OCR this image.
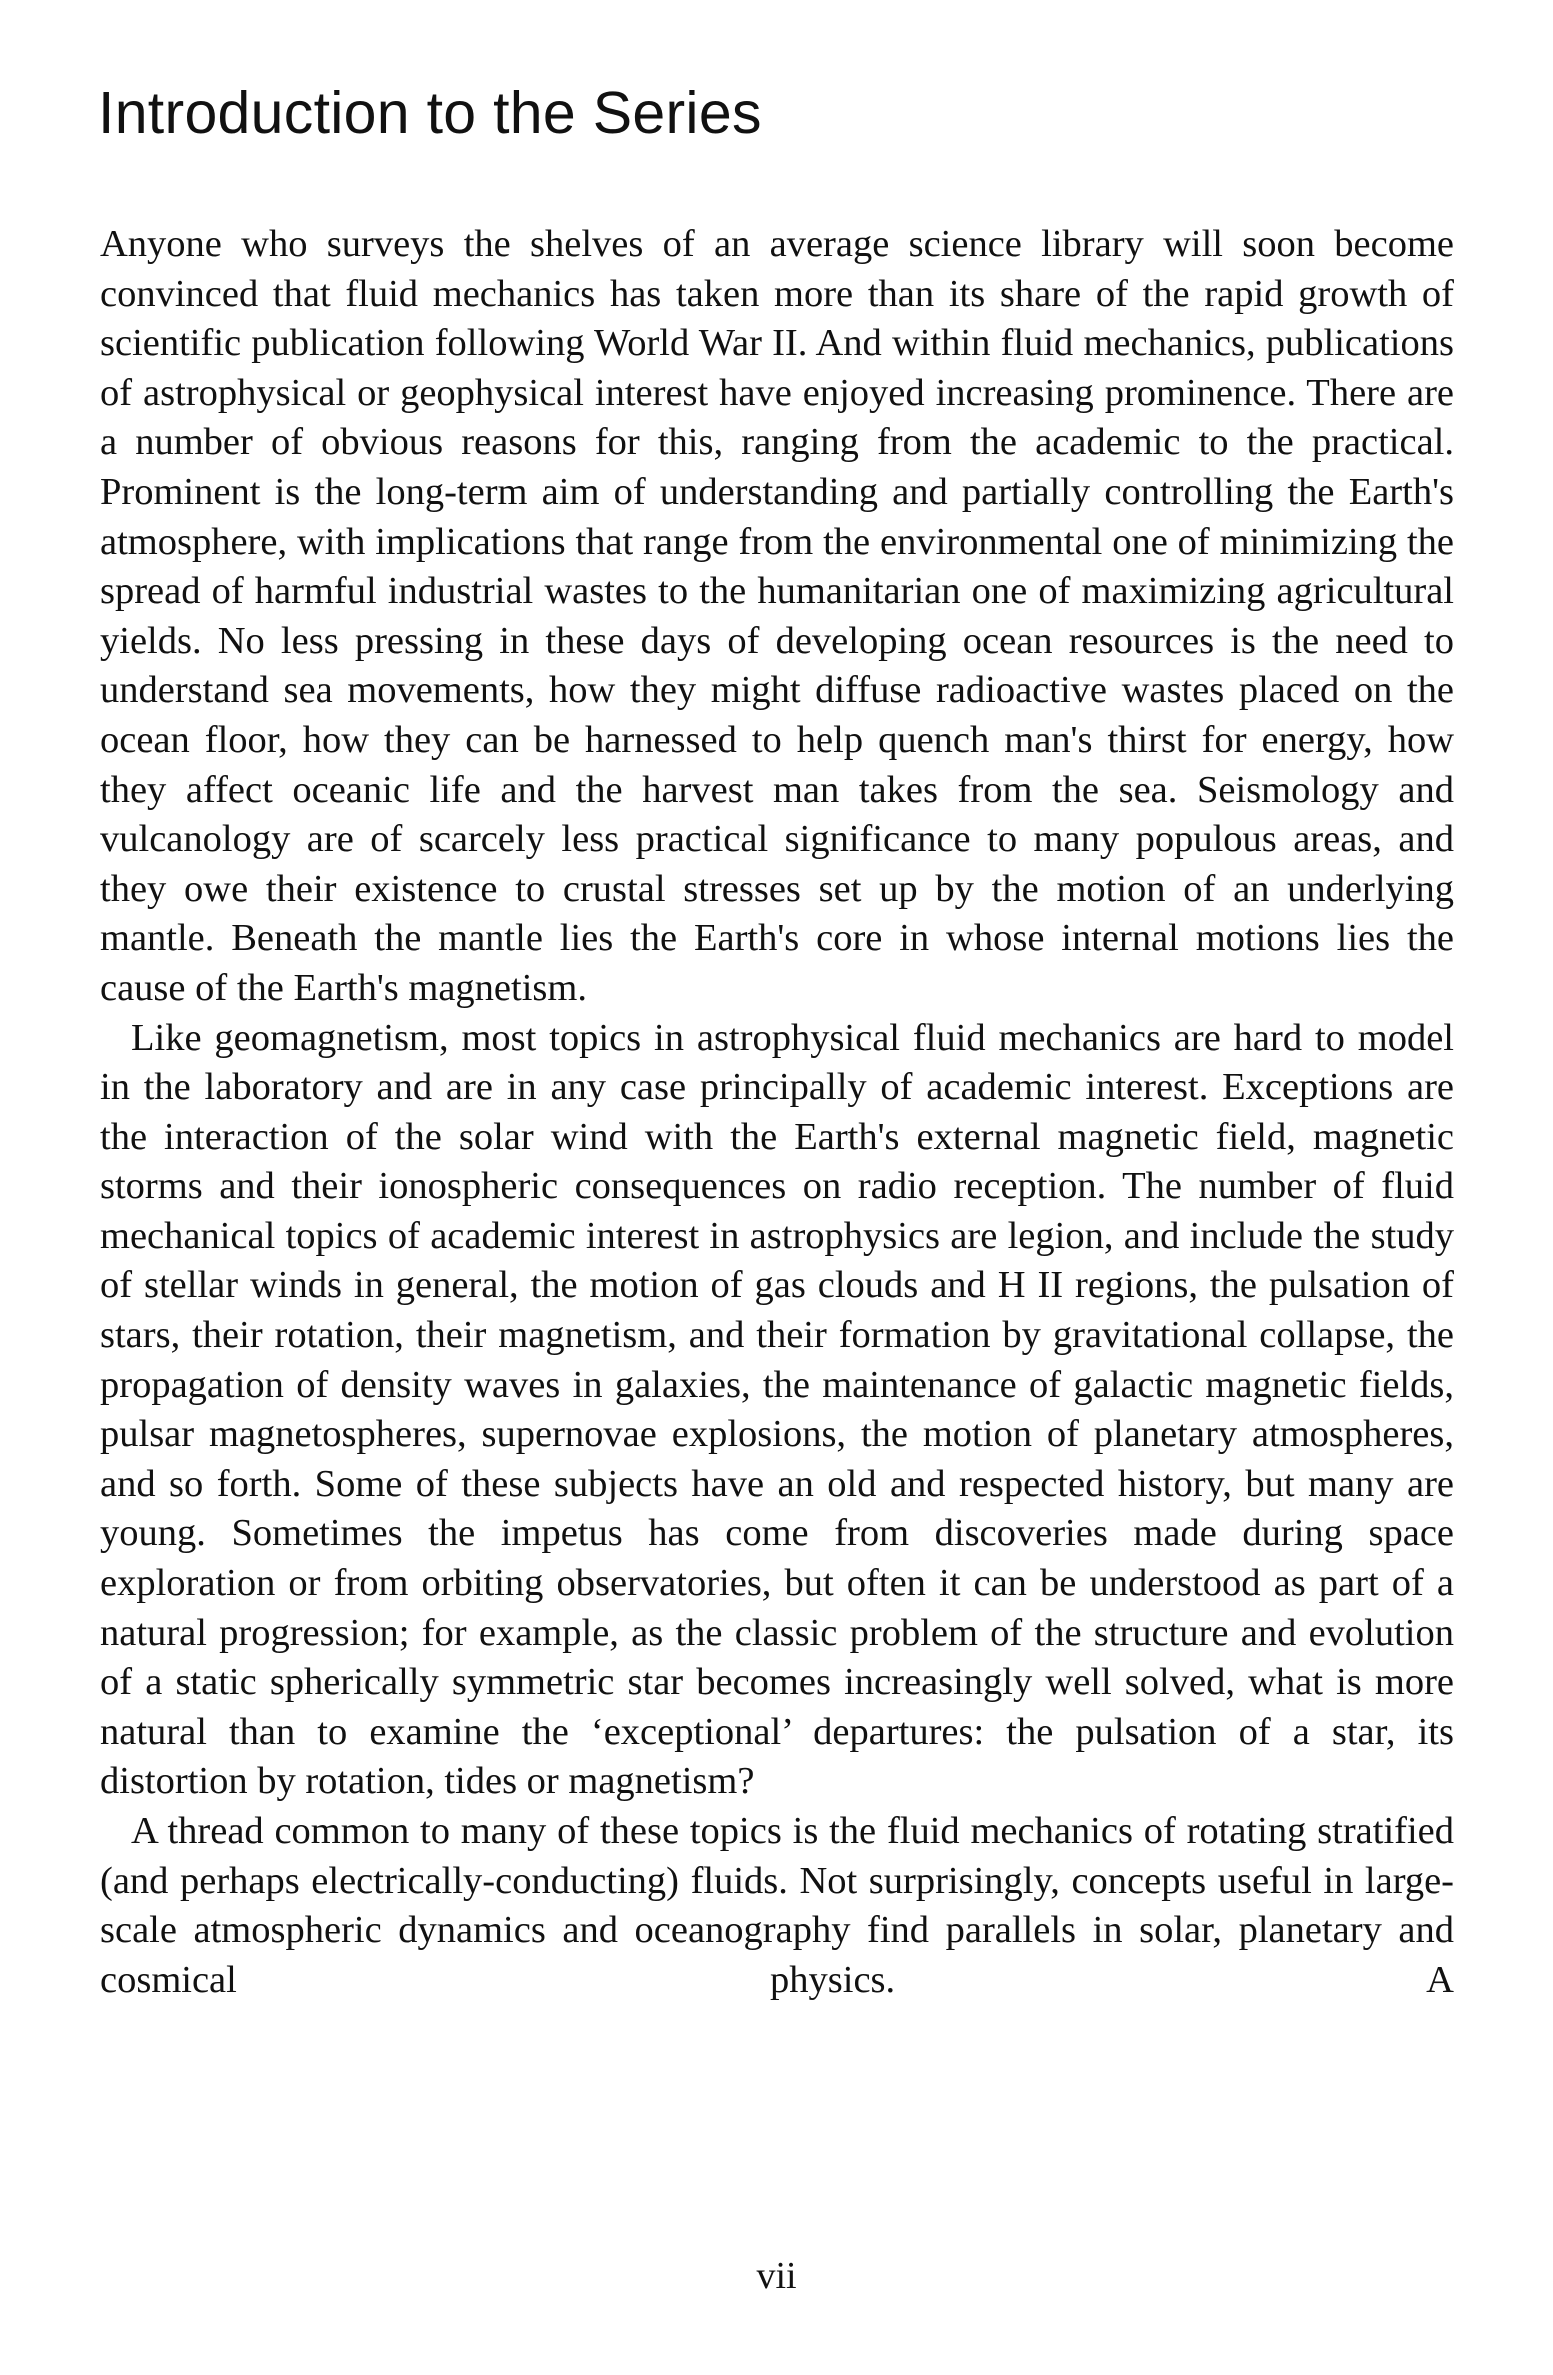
Introduction to the Series

Anyone who surveys the shelves of an average science library will soon become convinced that fluid mechanics has taken more than its share of the rapid growth of scientific publication following World War II. And within fluid mechanics, publications of astrophysical or geophysical interest have enjoyed increasing prominence. There are a number of obvious reasons for this, ranging from the academic to the practical. Prominent is the long-term aim of understanding and partially controlling the Earth's atmosphere, with implications that range from the environmental one of minimizing the spread of harmful industrial wastes to the humanitarian one of maximizing agricultural yields. No less pressing in these days of developing ocean resources is the need to understand sea movements, how they might diffuse radioactive wastes placed on the ocean floor, how they can be harnessed to help quench man's thirst for energy, how they affect oceanic life and the harvest man takes from the sea. Seismology and vulcanology are of scarcely less practical significance to many populous areas, and they owe their existence to crustal stresses set up by the motion of an underlying mantle. Beneath the mantle lies the Earth's core in whose internal motions lies the cause of the Earth's magnetism.

Like geomagnetism, most topics in astrophysical fluid mechanics are hard to model in the laboratory and are in any case principally of academic interest. Exceptions are the interaction of the solar wind with the Earth's external magnetic field, magnetic storms and their ionospheric consequences on radio reception. The number of fluid mechanical topics of academic interest in astrophysics are legion, and include the study of stellar winds in general, the motion of gas clouds and H II regions, the pulsation of stars, their rotation, their magnetism, and their formation by gravitational collapse, the propagation of density waves in galaxies, the maintenance of galactic magnetic fields, pulsar magnetospheres, supernovae explosions, the motion of planetary atmospheres, and so forth. Some of these subjects have an old and respected history, but many are young. Sometimes the impetus has come from discoveries made during space exploration or from orbiting observatories, but often it can be understood as part of a natural progression; for example, as the classic problem of the structure and evolution of a static spherically symmetric star becomes increasingly well solved, what is more natural than to examine the ‘exceptional’ departures: the pulsation of a star, its distortion by rotation, tides or magnetism?

A thread common to many of these topics is the fluid mechanics of rotating stratified (and perhaps electrically-conducting) fluids. Not surprisingly, concepts useful in large-scale atmospheric dynamics and oceanography find parallels in solar, planetary and cosmical physics. A

vii
